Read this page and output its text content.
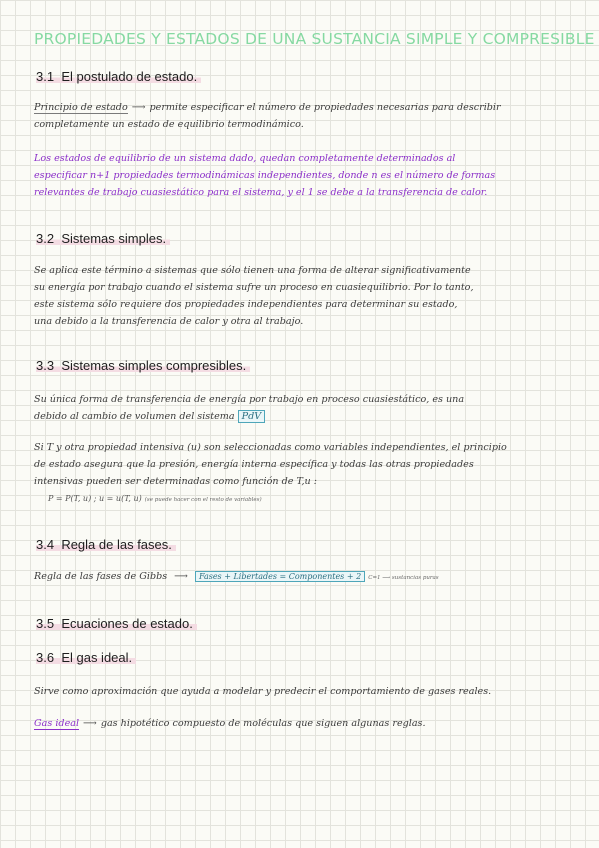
PROPIEDADES Y ESTADOS DE UNA SUSTANCIA SIMPLE Y COMPRESIBLE
3.1 El postulado de estado.
Principio de estado ⟶ permite especificar el número de propiedades necesarias para describir
completamente un estado de equilibrio termodinámico.
Los estados de equilibrio de un sistema dado, quedan completamente determinados al
especificar n+1 propiedades termodinámicas independientes, donde n es el número de formas
relevantes de trabajo cuasiestático para el sistema, y el 1 se debe a la transferencia de calor.
3.2 Sistemas simples.
Se aplica este término a sistemas que sólo tienen una forma de alterar significativamente
su energía por trabajo cuando el sistema sufre un proceso en cuasiequilibrio. Por lo tanto,
este sistema sólo requiere dos propiedades independientes para determinar su estado,
una debido a la transferencia de calor y otra al trabajo.
3.3 Sistemas simples compresibles.
Su única forma de transferencia de energía por trabajo en proceso cuasiestático, es una
debido al cambio de volumen del sistema PdV
Si T y otra propiedad intensiva (u) son seleccionadas como variables independientes, el principio
de estado asegura que la presión, energía interna específica y todas las otras propiedades
intensivas pueden ser determinadas como función de T,u :
P = P(T, u) ; u = u(T, u) (se puede hacer con el resto de variables)
3.4 Regla de las fases.
Regla de las fases de Gibbs ⟶ Fases + Libertades = Componentes + 2 C=1 ⟶ sustancias puras
3.5 Ecuaciones de estado.
3.6 El gas ideal.
Sirve como aproximación que ayuda a modelar y predecir el comportamiento de gases reales.
Gas ideal ⟶ gas hipotético compuesto de moléculas que siguen algunas reglas.
